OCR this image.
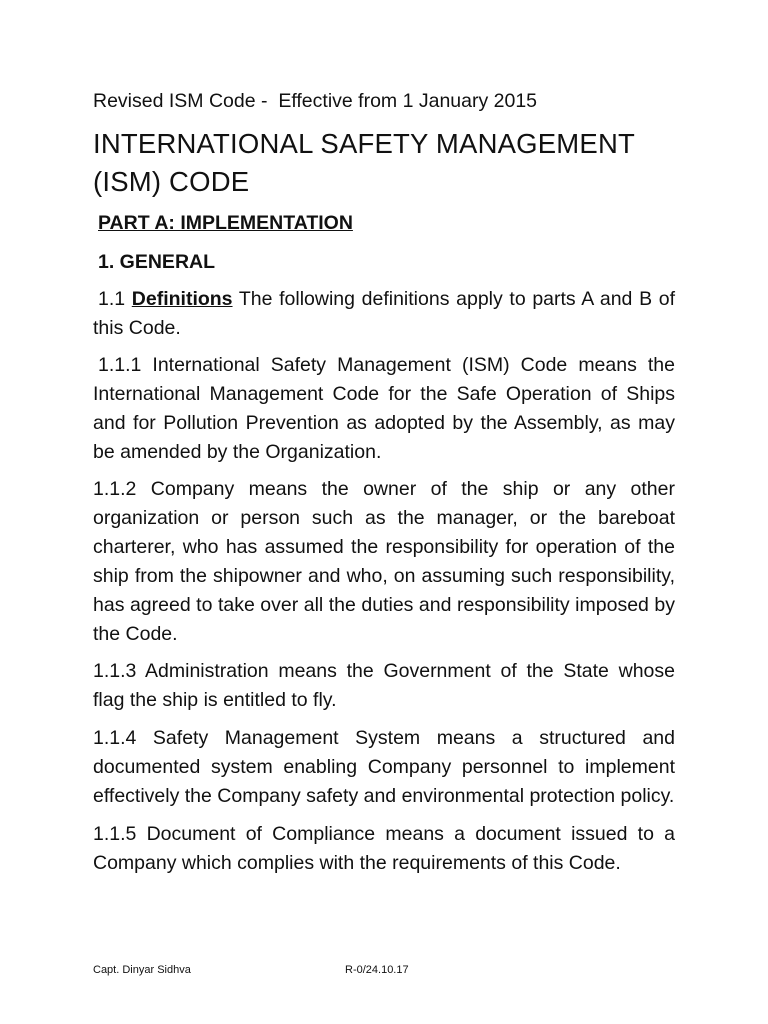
Revised ISM Code -  Effective from 1 January 2015

INTERNATIONAL SAFETY MANAGEMENT (ISM) CODE
PART A: IMPLEMENTATION
1. GENERAL

1.1 Definitions The following definitions apply to parts A and B of this Code.

1.1.1 International Safety Management (ISM) Code means the International Management Code for the Safe Operation of Ships and for Pollution Prevention as adopted by the Assembly, as may be amended by the Organization.

1.1.2 Company means the owner of the ship or any other organization or person such as the manager, or the bareboat charterer, who has assumed the responsibility for operation of the ship from the shipowner and who, on assuming such responsibility, has agreed to take over all the duties and responsibility imposed by the Code.

1.1.3 Administration means the Government of the State whose flag the ship is entitled to fly.

1.1.4 Safety Management System means a structured and documented system enabling Company personnel to implement effectively the Company safety and environmental protection policy.

1.1.5 Document of Compliance means a document issued to a Company which complies with the requirements of this Code.

Capt. Dinyar Sidhva	R-0/24.10.17
